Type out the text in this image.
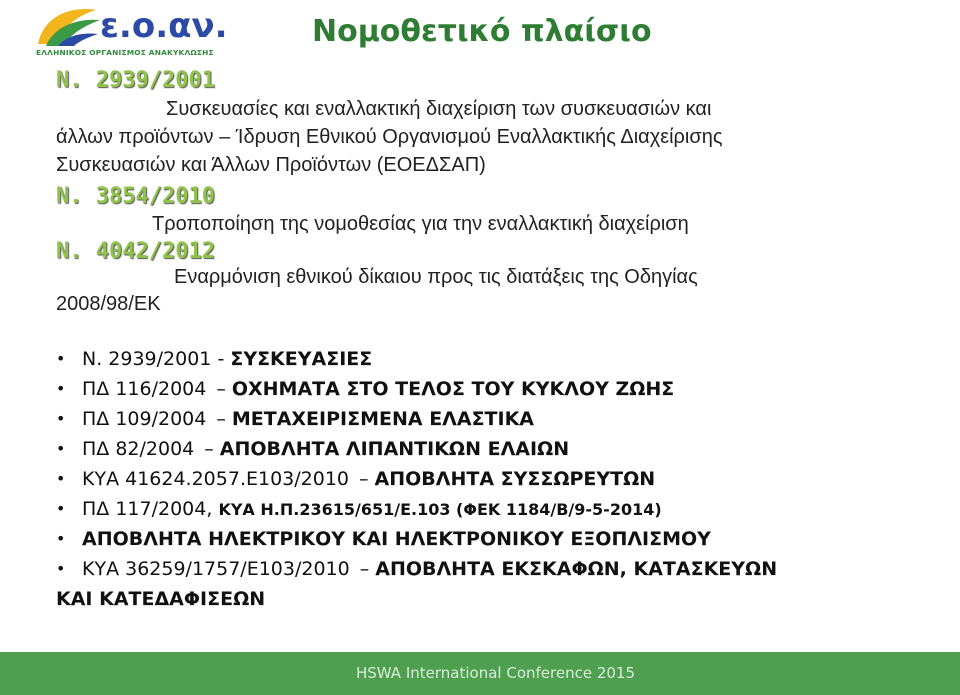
ε.ο.αν.
ΕΛΛΗΝΙΚΟΣ ΟΡΓΑΝΙΣΜΟΣ ΑΝΑΚΥΚΛΩΣΗΣ
Νομοθετικό πλαίσιο
Ν. 2939/2001
Συσκευασίες και εναλλακτική διαχείριση των συσκευασιών και
άλλων προϊόντων – Ίδρυση Εθνικού Οργανισμού Εναλλακτικής Διαχείρισης
Συσκευασιών και Άλλων Προϊόντων (ΕΟΕΔΣΑΠ)
Ν. 3854/2010
Τροποποίηση της νομοθεσίας για την εναλλακτική διαχείριση
Ν. 4042/2012
Εναρμόνιση εθνικού δίκαιου προς τις διατάξεις της Οδηγίας
2008/98/ΕΚ
• Ν. 2939/2001 - ΣΥΣΚΕΥΑΣΙΕΣ
• ΠΔ 116/2004 – ΟΧΗΜΑΤΑ ΣΤΟ ΤΕΛΟΣ ΤΟΥ ΚΥΚΛΟΥ ΖΩΗΣ
• ΠΔ 109/2004 – ΜΕΤΑΧΕΙΡΙΣΜΕΝΑ ΕΛΑΣΤΙΚΑ
• ΠΔ 82/2004 – ΑΠΟΒΛΗΤΑ ΛΙΠΑΝΤΙΚΩΝ ΕΛΑΙΩΝ
• ΚΥΑ 41624.2057.Ε103/2010 – ΑΠΟΒΛΗΤΑ ΣΥΣΣΩΡΕΥΤΩΝ
• ΠΔ 117/2004, ΚΥΑ Η.Π.23615/651/Ε.103 (ΦΕΚ 1184/Β/9-5-2014)
• ΑΠΟΒΛΗΤΑ ΗΛΕΚΤΡΙΚΟΥ ΚΑΙ ΗΛΕΚΤΡΟΝΙΚΟΥ ΕΞΟΠΛΙΣΜΟΥ
• ΚΥΑ 36259/1757/Ε103/2010 – ΑΠΟΒΛΗΤΑ ΕΚΣΚΑΦΩΝ, ΚΑΤΑΣΚΕΥΩΝ
ΚΑΙ ΚΑΤΕΔΑΦΙΣΕΩΝ
HSWA International Conference 2015
